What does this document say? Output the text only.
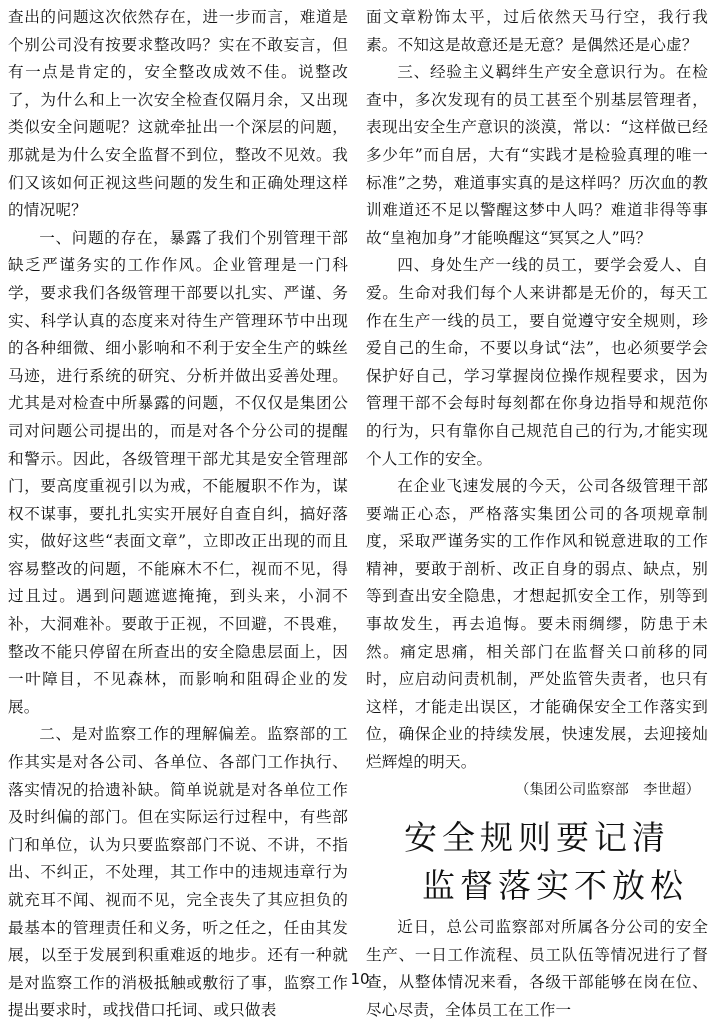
查出的问题这次依然存在，进一步而言，难道是个别公司没有按要求整改吗？实在不敢妄言，但有一点是肯定的，安全整改成效不佳。说整改了，为什么和上一次安全检查仅隔月余，又出现类似安全问题呢？这就牵扯出一个深层的问题，那就是为什么安全监督不到位，整改不见效。我们又该如何正视这些问题的发生和正确处理这样的情况呢？

一、问题的存在，暴露了我们个别管理干部缺乏严谨务实的工作作风。企业管理是一门科学，要求我们各级管理干部要以扎实、严谨、务实、科学认真的态度来对待生产管理环节中出现的各种细微、细小影响和不利于安全生产的蛛丝马迹，进行系统的研究、分析并做出妥善处理。尤其是对检查中所暴露的问题，不仅仅是集团公司对问题公司提出的，而是对各个分公司的提醒和警示。因此，各级管理干部尤其是安全管理部门，要高度重视引以为戒，不能履职不作为，谋权不谋事，要扎扎实实开展好自查自纠，搞好落实，做好这些“表面文章”，立即改正出现的而且容易整改的问题，不能麻木不仁，视而不见，得过且过。遇到问题遮遮掩掩，到头来，小洞不补，大洞难补。要敢于正视，不回避，不畏难，整改不能只停留在所查出的安全隐患层面上，因一叶障目，不见森林，而影响和阻碍企业的发展。

二、是对监察工作的理解偏差。监察部的工作其实是对各公司、各单位、各部门工作执行、落实情况的拾遗补缺。简单说就是对各单位工作及时纠偏的部门。但在实际运行过程中，有些部门和单位，认为只要监察部门不说、不讲，不指出、不纠正，不处理，其工作中的违规违章行为就充耳不闻、视而不见，完全丧失了其应担负的最基本的管理责任和义务，听之任之，任由其发展，以至于发展到积重难返的地步。还有一种就是对监察工作的消极抵触或敷衍了事，监察工作提出要求时，或找借口托词、或只做表

面文章粉饰太平，过后依然天马行空，我行我素。不知这是故意还是无意？是偶然还是心虚？

三、经验主义羁绊生产安全意识行为。在检查中，多次发现有的员工甚至个别基层管理者，表现出安全生产意识的淡漠，常以：“这样做已经多少年”而自居，大有“实践才是检验真理的唯一标准”之势，难道事实真的是这样吗？历次血的教训难道还不足以警醒这梦中人吗？难道非得等事故“皇袍加身”才能唤醒这“冥冥之人”吗？

四、身处生产一线的员工，要学会爱人、自爱。生命对我们每个人来讲都是无价的，每天工作在生产一线的员工，要自觉遵守安全规则，珍爱自己的生命，不要以身试“法”，也必须要学会保护好自己，学习掌握岗位操作规程要求，因为管理干部不会每时每刻都在你身边指导和规范你的行为，只有靠你自己规范自己的行为,才能实现个人工作的安全。

在企业飞速发展的今天，公司各级管理干部要端正心态，严格落实集团公司的各项规章制度，采取严谨务实的工作作风和锐意进取的工作精神，要敢于剖析、改正自身的弱点、缺点，别等到查出安全隐患，才想起抓安全工作，别等到事故发生，再去追悔。要未雨绸缪，防患于未然。痛定思痛，相关部门在监督关口前移的同时，应启动问责机制，严处监管失责者，也只有这样，才能走出误区，才能确保安全工作落实到位，确保企业的持续发展，快速发展，去迎接灿烂辉煌的明天。

（集团公司监察部　李世超）

安全规则要记清
监督落实不放松

近日，总公司监察部对所属各分公司的安全生产、一日工作流程、员工队伍等情况进行了督查，从整体情况来看，各级干部能够在岗在位、尽心尽责，全体员工在工作一

10
